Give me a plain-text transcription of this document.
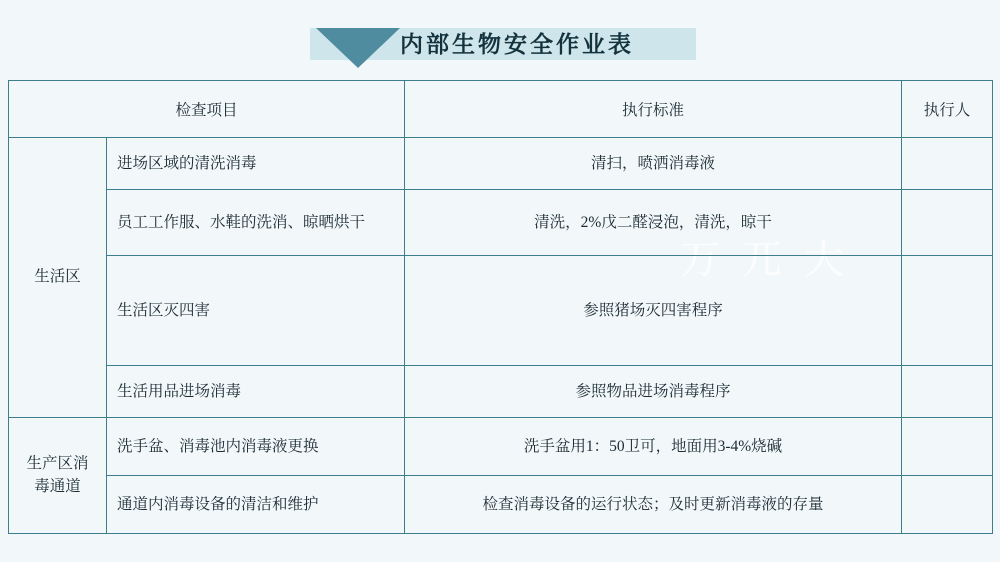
内部生物安全作业表
万兀大
检查项目		执行标准	执行人
生活区	进场区域的清洗消毒	清扫，喷洒消毒液	
	员工工作服、水鞋的洗消、晾晒烘干	清洗，2%戊二醛浸泡，清洗，晾干	
	生活区灭四害	参照猪场灭四害程序	
	生活用品进场消毒	参照物品进场消毒程序	
生产区消毒通道	洗手盆、消毒池内消毒液更换	洗手盆用1：50卫可，地面用3-4%烧碱	
	通道内消毒设备的清洁和维护	检查消毒设备的运行状态；及时更新消毒液的存量	
